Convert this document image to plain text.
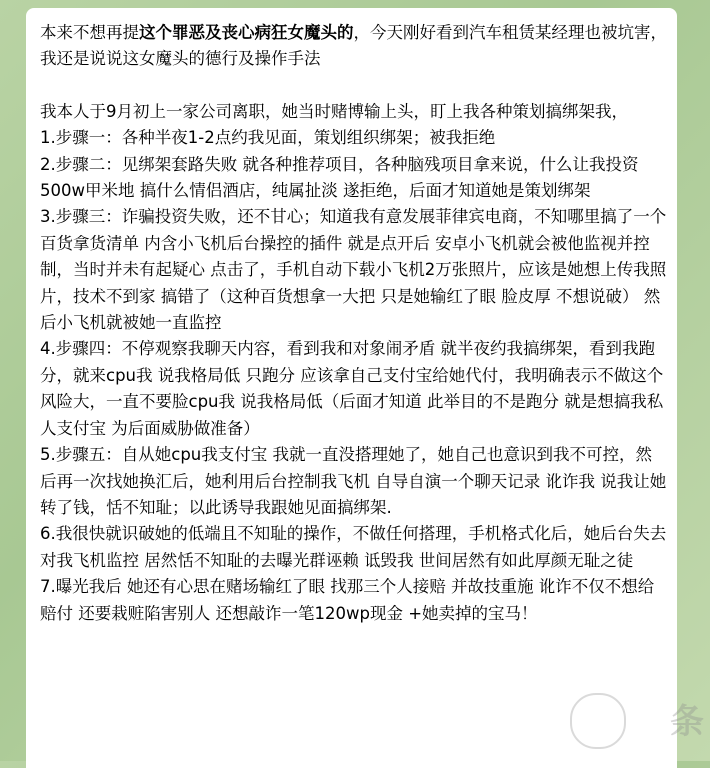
本来不想再提这个罪恶及丧心病狂女魔头的，今天刚好看到汽车租赁某经理也被坑害，我还是说说这女魔头的德行及操作手法

我本人于9月初上一家公司离职，她当时赌博输上头，盯上我各种策划搞绑架我，

1.步骤一：各种半夜1-2点约我见面，策划组织绑架；被我拒绝

2.步骤二：见绑架套路失败 就各种推荐项目，各种脑残项目拿来说，什么让我投资500w甲米地 搞什么情侣酒店，纯属扯淡 遂拒绝，后面才知道她是策划绑架

3.步骤三：诈骗投资失败，还不甘心；知道我有意发展菲律宾电商，不知哪里搞了一个百货拿货清单 内含小飞机后台操控的插件 就是点开后 安卓小飞机就会被他监视并控制，当时并未有起疑心 点击了，手机自动下载小飞机2万张照片，应该是她想上传我照片，技术不到家 搞错了（这种百货想拿一大把 只是她输红了眼 脸皮厚 不想说破） 然后小飞机就被她一直监控

4.步骤四：不停观察我聊天内容，看到我和对象闹矛盾 就半夜约我搞绑架，看到我跑分，就来cpu我 说我格局低 只跑分 应该拿自己支付宝给她代付，我明确表示不做这个 风险大，一直不要脸cpu我 说我格局低（后面才知道 此举目的不是跑分 就是想搞我私人支付宝 为后面威胁做准备）

5.步骤五：自从她cpu我支付宝 我就一直没搭理她了，她自己也意识到我不可控，然后再一次找她换汇后，她利用后台控制我飞机 自导自演一个聊天记录 讹诈我 说我让她转了钱，恬不知耻；以此诱导我跟她见面搞绑架.

6.我很快就识破她的低端且不知耻的操作，不做任何搭理，手机格式化后，她后台失去对我飞机监控 居然恬不知耻的去曝光群诬赖 诋毁我 世间居然有如此厚颜无耻之徒

7.曝光我后 她还有心思在赌场输红了眼 找那三个人接赔 并故技重施 讹诈不仅不想给赔付 还要栽赃陷害别人 还想敲诈一笔120wp现金 +她卖掉的宝马！

条
